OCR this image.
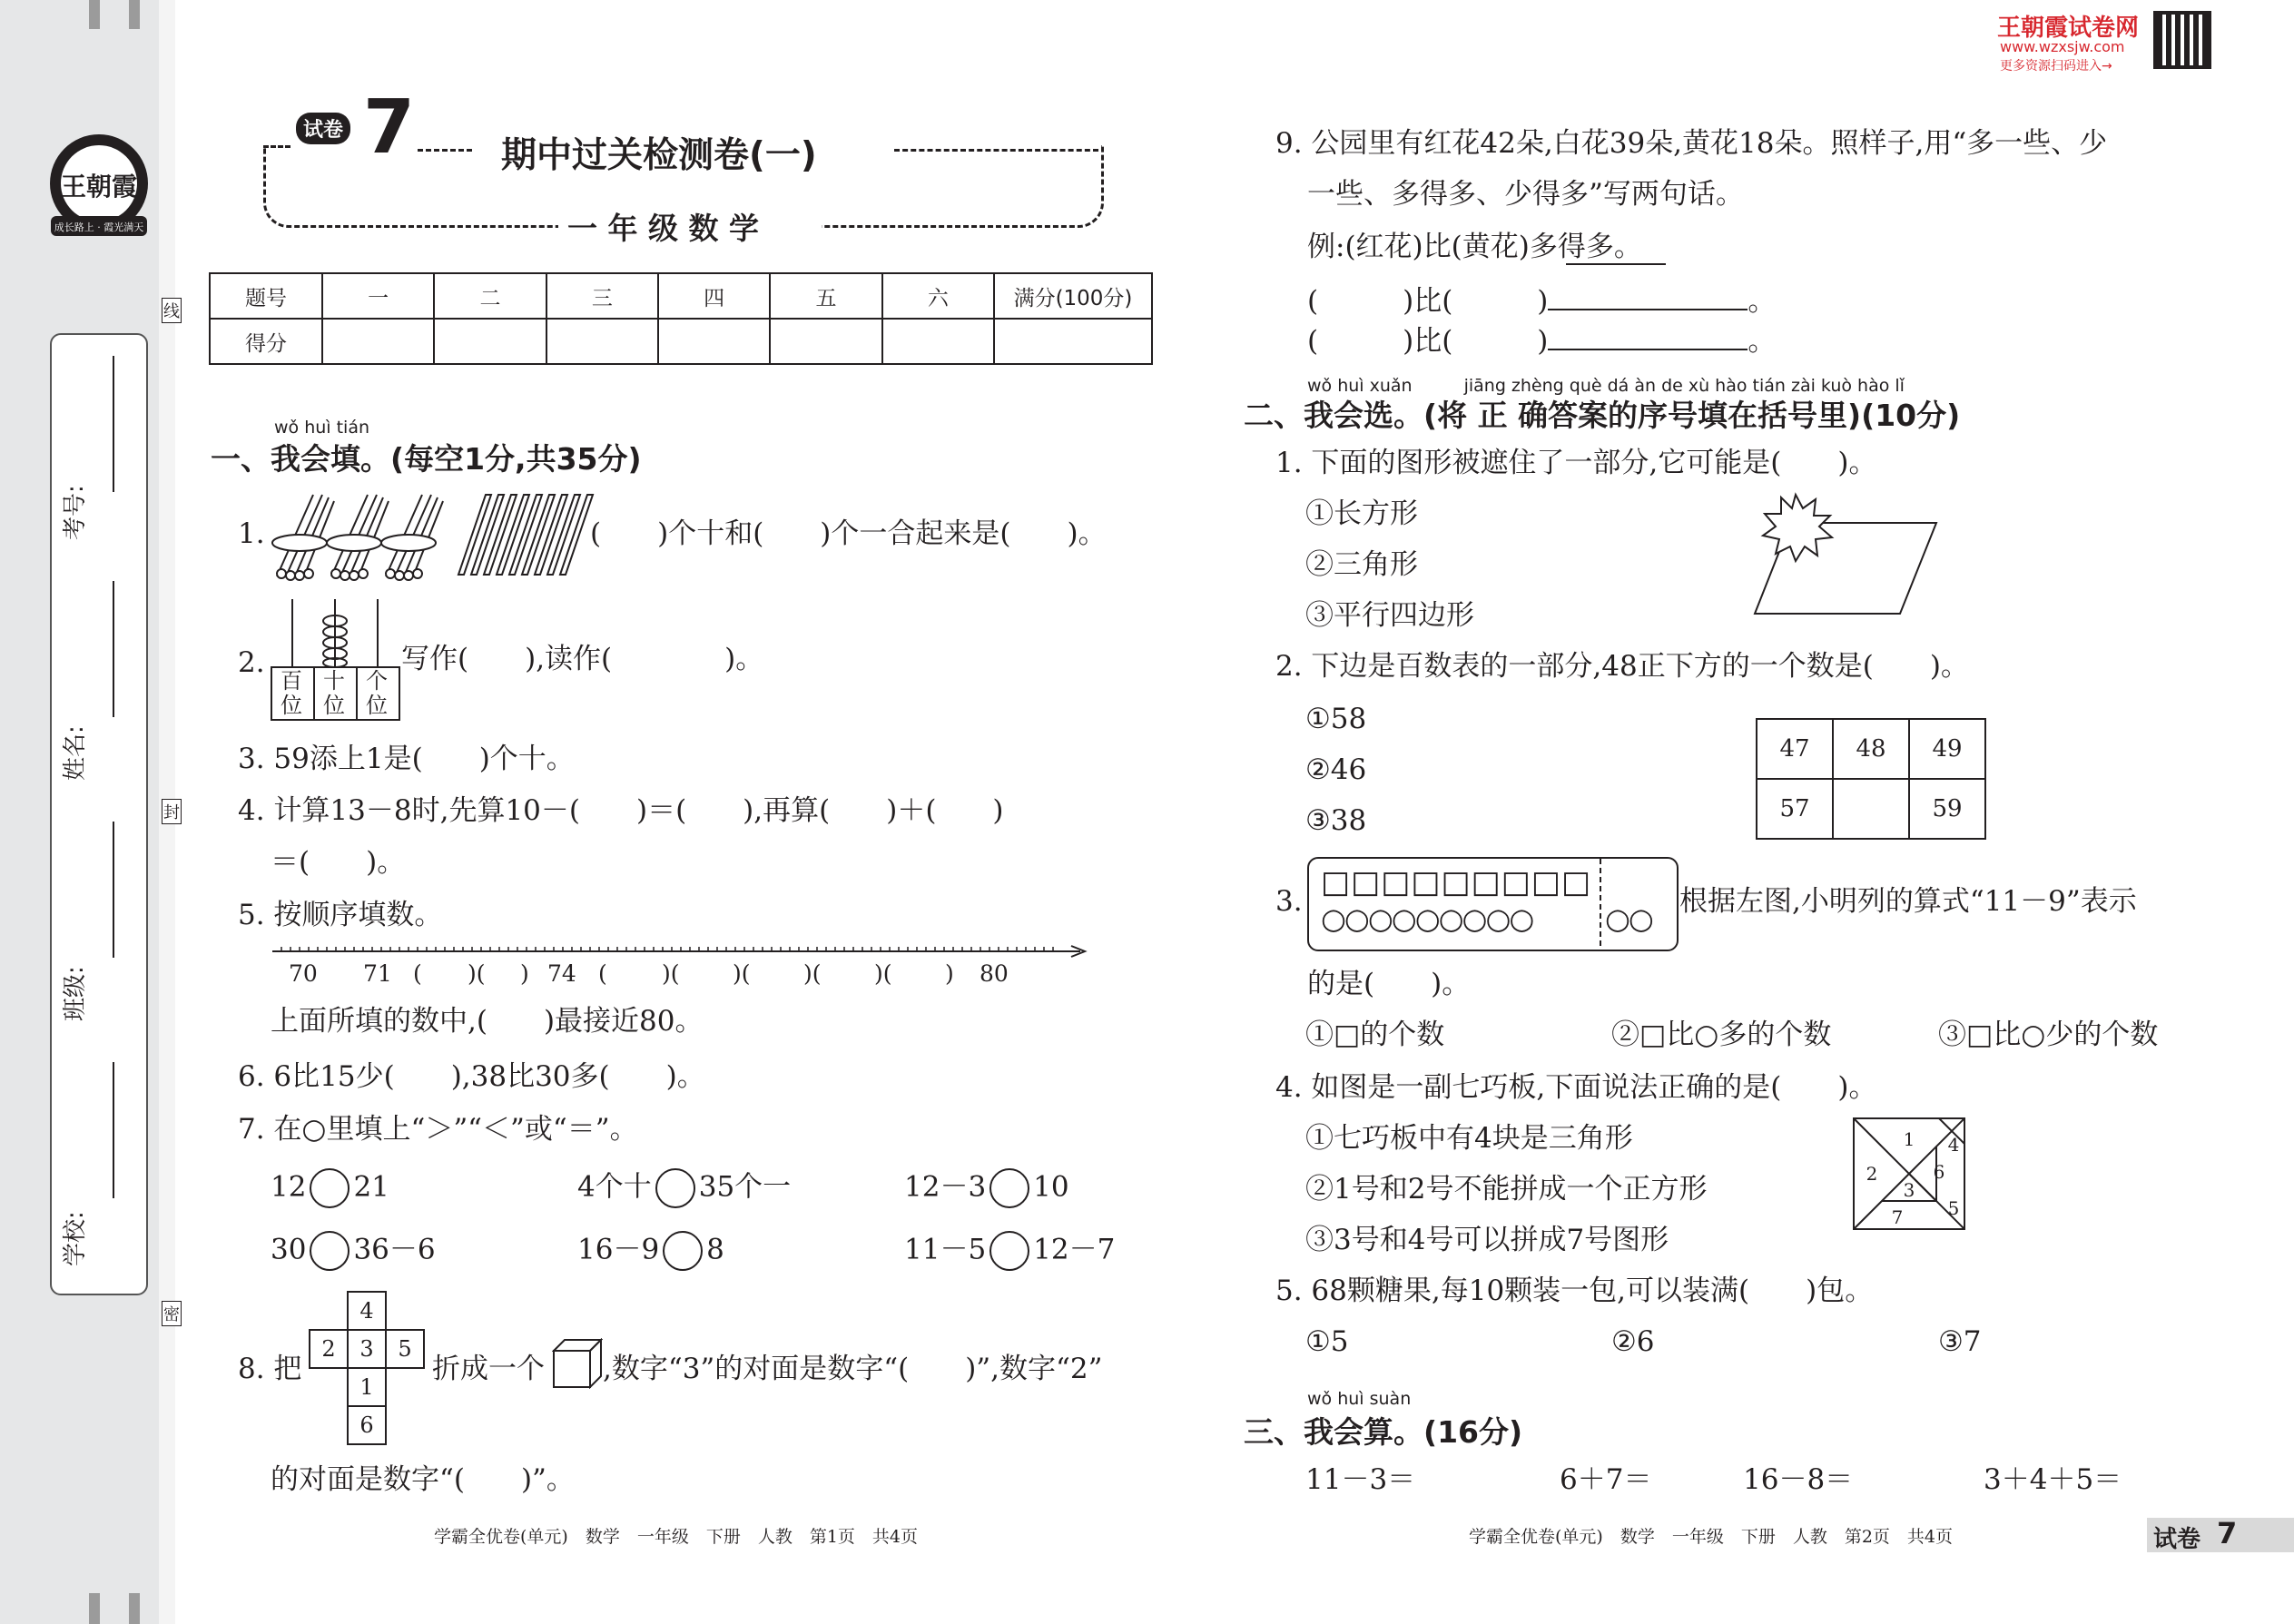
成长路上 · 霞光满天
王朝霞
考号:
姓名:
班级:
学校:
线
封
密
试卷 7 期中过关检测卷(一)
一 年 级 数 学
王朝霞试卷网
www.wzxsjw.com
更多资源扫码进入→
题号	一	二	三	四	五	六	满分(100分)
得分							
wǒ huì tián
一、我会填。(每空1分,共35分)
1.	(　　)个十和(　　)个一合起来是(　　)。
2.
百位
十位
个位
写作(　　),读作(　　　　)。
3. 59添上1是(　　)个十。
4. 计算13－8时,先算10－(　　)＝(　　),再算(　　)＋(　　)
＝(　　)。
5. 按顺序填数。
70	71 (	)(	) 74 (	)(	)(	)(	)(	)	80
上面所填的数中,(　　)最接近80。
6. 6比15少(　　),38比30多(　　)。
7. 在○里填上“＞”“＜”或“＝”。
12 21	4个十 35个一	12－3 10
30 36－6	16－9 8	11－5 12－7
8. 把
4
2	3	5
1
6
折成一个 ,数字“3”的对面是数字“(　　)”,数字“2”
的对面是数字“(　　)”。
学霸全优卷(单元)　数学　一年级　下册　人教　第1页　共4页
9. 公园里有红花42朵,白花39朵,黄花18朵。照样子,用“多一些、少
一些、多得多、少得多”写两句话。
例:(红花)比(黄花)多得多。
(　　　)比(　　　)	。
(　　　)比(　　　)	。
wǒ huì xuǎn　　　jiāng zhèng què dá àn de xù hào tián zài kuò hào lǐ
二、我会选。(将 正 确答案的序号填在括号里)(10分)
1. 下面的图形被遮住了一部分,它可能是(　　)。
①长方形
②三角形
③平行四边形
2. 下边是百数表的一部分,48正下方的一个数是(　　)。
①58
②46
③38
47	48	49
57		59
3.
□□□□□□□□□
○○○○○○○○○ ○○ 根据左图,小明列的算式“11－9”表示
的是(　　)。
①□的个数	②□比○多的个数	③□比○少的个数
4. 如图是一副七巧板,下面说法正确的是(　　)。
①七巧板中有4块是三角形
②1号和2号不能拼成一个正方形
③3号和4号可以拼成7号图形
1 4
2	6
3
7 5
5. 68颗糖果,每10颗装一包,可以装满(　　)包。
①5	②6	③7
wǒ huì suàn
三、我会算。(16分)
11－3＝	6＋7＝	16－8＝	3＋4＋5＝
学霸全优卷(单元)　数学　一年级　下册　人教　第2页　共4页	试卷 7
